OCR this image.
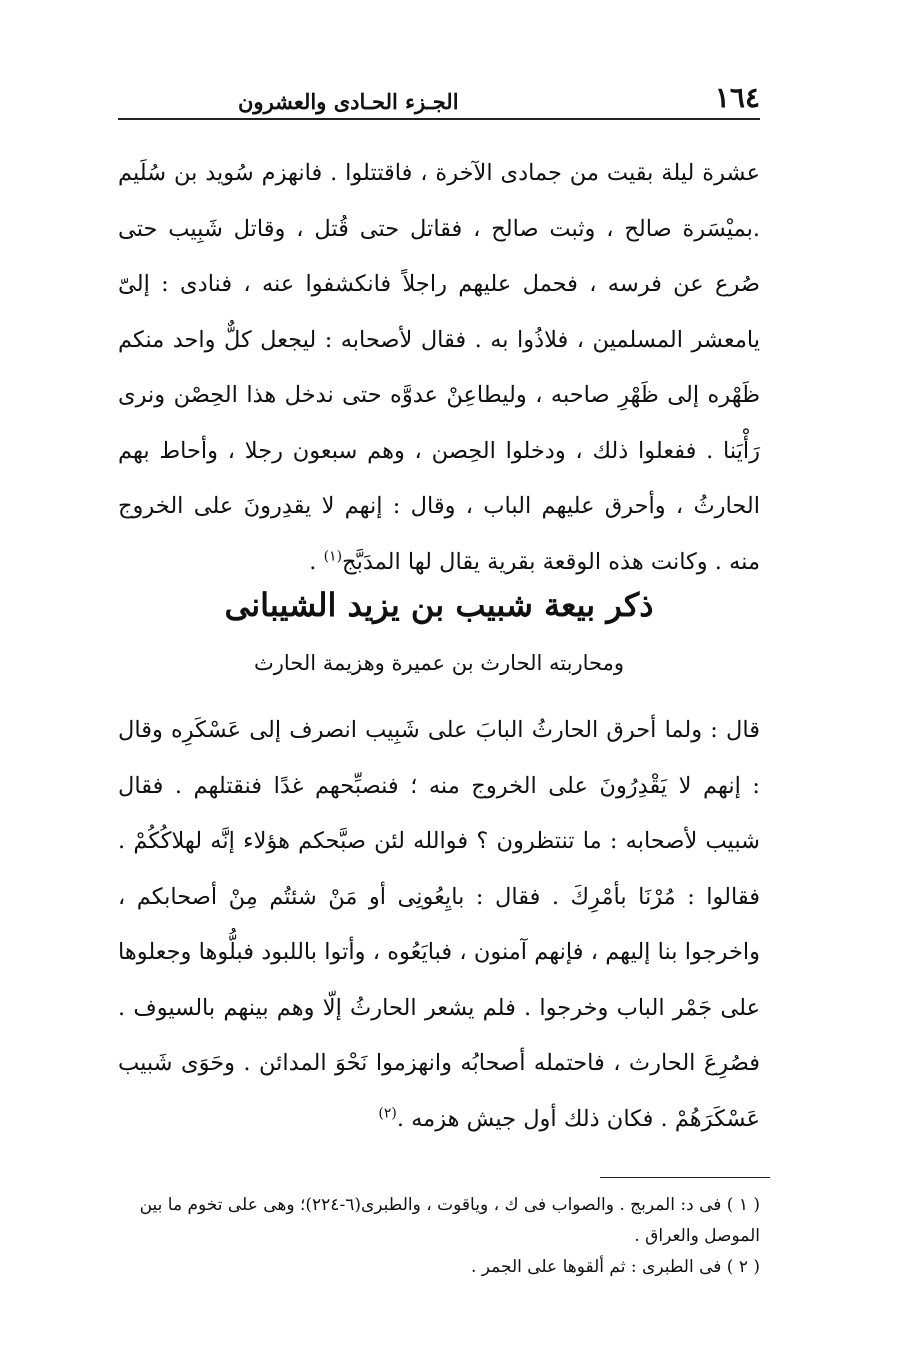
١٦٤
الجـزء الحـادى والعشرون
عشرة ليلة بقيت من جمادى الآخرة ، فاقتتلوا . فانهزم سُويد بن سُلَيم .بميْسَرة صالح ، وثبت صالح ، فقاتل حتى قُتل ، وقاتل شَبِيب حتى صُرع عن فرسه ، فحمل عليهم راجلاً فانكشفوا عنه ، فنادى : إلىّ يامعشر المسلمين ، فلاذُوا به . فقال لأصحابه : ليجعل كلٌّ واحد منكم ظَهْره إلى ظَهْرِ صاحبه ، وليطاعِنْ عدوَّه حتى ندخل هذا الحِصْن ونرى رَأْيَنا . ففعلوا ذلك ، ودخلوا الحِصن ، وهم سبعون رجلا ، وأحاط بهم الحارثُ ، وأحرق عليهم الباب ، وقال : إنهم لا يقدِرونَ على الخروج منه . وكانت هذه الوقعة بقرية يقال لها المدَبَّج$^{(١)}$ .
ذكر بيعة شبيب بن يزيد الشيبانى
ومحاربته الحارث بن عميرة وهزيمة الحارث
قال : ولما أحرق الحارثُ البابَ على شَبِيب انصرف إلى عَسْكَرِه وقال : إنهم لا يَقْدِرُونَ على الخروج منه ؛ فنصبِّحهم غدًا فنقتلهم . فقال شبيب لأصحابه : ما تنتظرون ؟ فوالله لئن صبَّحكم هؤلاء إنَّه لهلاكُكُمْ . فقالوا : مُرْنَا بأمْرِكَ . فقال : بايِعُونِى أو مَنْ شئتُم مِنْ أصحابكم ، واخرجوا بنا إليهم ، فإنهم آمنون ، فبايَعُوه ، وأتوا باللبود فبلُّوها وجعلوها على جَمْر الباب وخرجوا . فلم يشعر الحارثُ إلّا وهم بينهم بالسيوف . فصُرِعَ الحارث ، فاحتمله أصحابُه وانهزموا نَحْوَ المدائن . وحَوَى شَبيب عَسْكَرَهُمْ . فكان ذلك أول جيش هزمه .$^{(٢)}$

( ١ ) فى د: المربج . والصواب فى ك ، وياقوت ، والطبرى(٦-٢٢٤)؛ وهى على تخوم ما بين الموصل والعراق .

( ٢ ) فى الطبرى : ثم ألقوها على الجمر .
